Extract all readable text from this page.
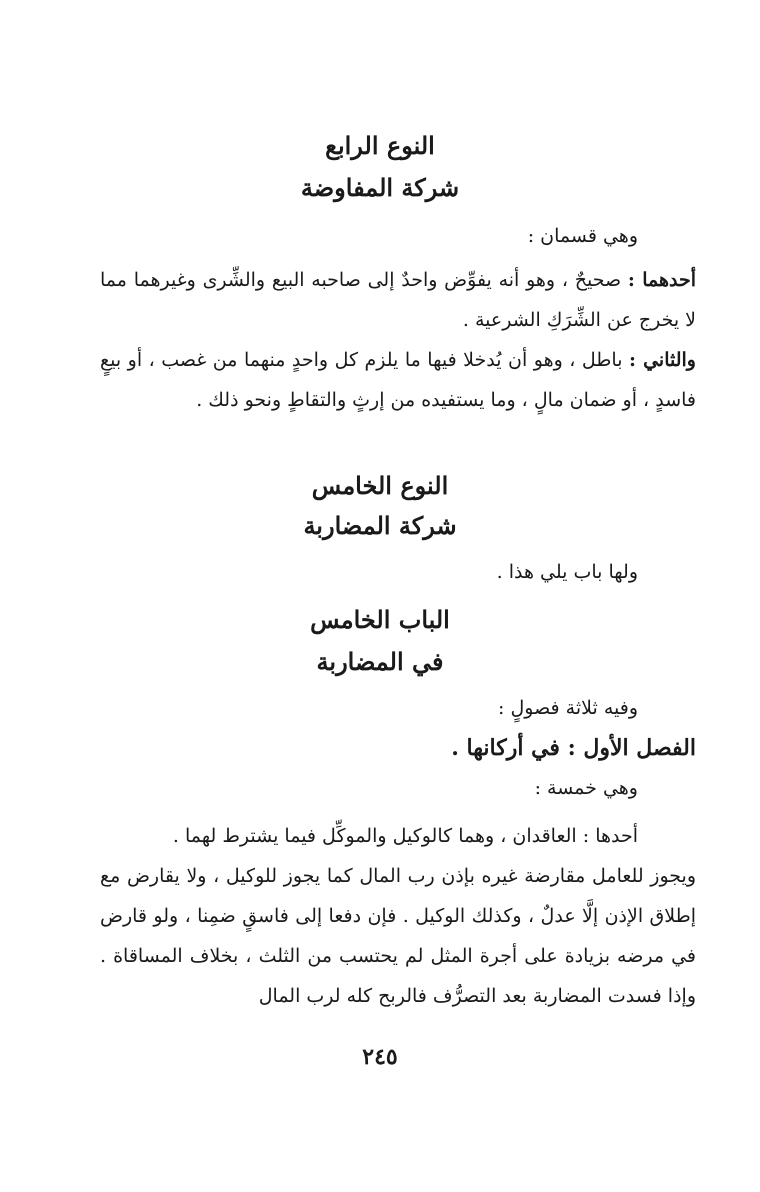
النوع الرابع
شركة المفاوضة

وهي قسمان :

أحدهما : صحيحٌ ، وهو أنه يفوِّض واحدٌ إلى صاحبه البيع والشِّرى وغيرهما مما لا يخرج عن الشِّرَكِ الشرعية .

والثاني : باطل ، وهو أن يُدخلا فيها ما يلزم كل واحدٍ منهما من غصب ، أو بيعٍ فاسدٍ ، أو ضمان مالٍ ، وما يستفيده من إرثٍ والتقاطٍ ونحو ذلك .

النوع الخامس
شركة المضاربة

ولها باب يلي هذا .

الباب الخامس
في المضاربة

وفيه ثلاثة فصولٍ :

الفصل الأول : في أركانها .

وهي خمسة :

أحدها : العاقدان ، وهما كالوكيل والموكِّل فيما يشترط لهما .

ويجوز للعامل مقارضة غيره بإذن رب المال كما يجوز للوكيل ، ولا يقارض مع إطلاق الإذن إلَّا عدلٌ ، وكذلك الوكيل . فإن دفعا إلى فاسقٍ ضمِنا ، ولو قارض في مرضه بزيادة على أجرة المثل لم يحتسب من الثلث ، بخلاف المساقاة . وإذا فسدت المضاربة بعد التصرُّف فالربح كله لرب المال

٢٤٥
